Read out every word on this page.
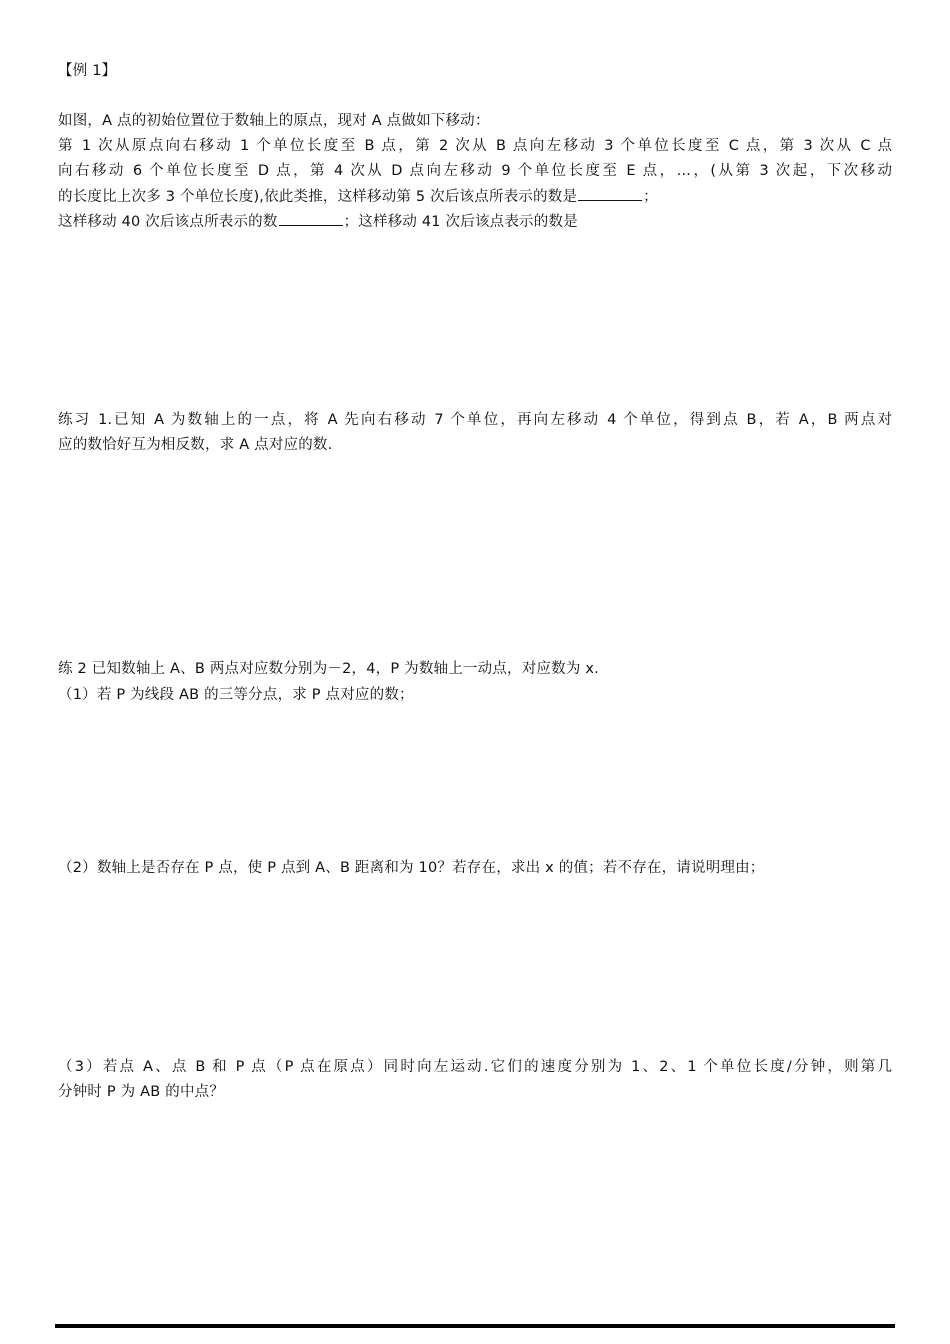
【例 1】
如图，A 点的初始位置位于数轴上的原点，现对 A 点做如下移动：
第 1 次从原点向右移动 1 个单位长度至 B 点，第 2 次从 B 点向左移动 3 个单位长度至 C 点，第 3 次从 C 点
向右移动 6 个单位长度至 D 点，第 4 次从 D 点向左移动 9 个单位长度至 E 点，…，(从第 3 次起，下次移动
的长度比上次多 3 个单位长度),依此类推，这样移动第 5 次后该点所表示的数是	；
这样移动 40 次后该点所表示的数	；这样移动 41 次后该点表示的数是
练习 1.已知 A 为数轴上的一点，将 A 先向右移动 7 个单位，再向左移动 4 个单位，得到点 B，若 A，B 两点对
应的数恰好互为相反数，求 A 点对应的数.
练 2 已知数轴上 A、B 两点对应数分别为－2，4，P 为数轴上一动点，对应数为 x.
（1）若 P 为线段 AB 的三等分点，求 P 点对应的数；
（2）数轴上是否存在 P 点，使 P 点到 A、B 距离和为 10？若存在，求出 x 的值；若不存在，请说明理由；
（3）若点 A、点 B 和 P 点（P 点在原点）同时向左运动.它们的速度分别为 1、2、1 个单位长度/分钟，则第几
分钟时 P 为 AB 的中点？
